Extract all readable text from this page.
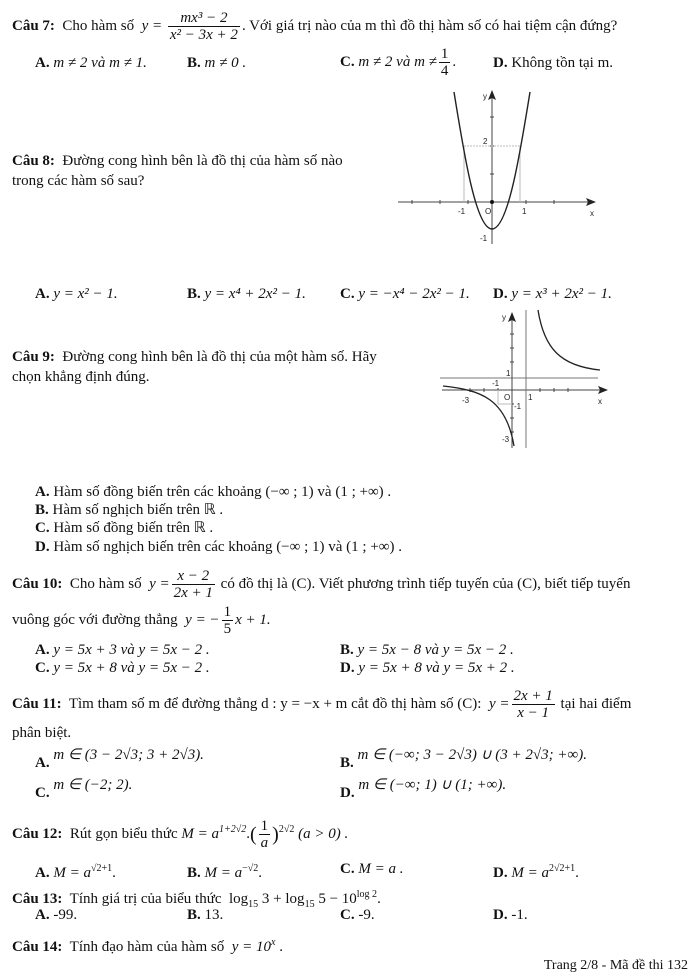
Câu 7: Cho hàm số $y = \frac{\text{mx³ − 2}}{\text{x² − 3x + 2}}$ . Với giá trị nào của m thì đồ thị hàm số có hai tiệm cận đứng?
A. m ≠ 2 và m ≠ 1.	B. m ≠ 0 .	C. m ≠ 2 và $m \ne \frac{1}{4}$ . D. Không tồn tại m.
Câu 8: Đường cong hình bên là đồ thị của hàm số nào
trong các hàm số sau?
y
x
2
-1	1
-1
O
A. y = x² − 1.	B. y = x⁴ + 2x² − 1. C. y = −x⁴ − 2x² − 1. D. y = x³ + 2x² − 1.
Câu 9: Đường cong hình bên là đồ thị của một hàm số. Hãy
chọn khẳng định đúng.
y
x
1
-1
-3	1
-1
-3
O
A. Hàm số đồng biến trên các khoảng (−∞ ; 1) và (1 ; +∞) .
B. Hàm số nghịch biến trên ℝ .
C. Hàm số đồng biến trên ℝ .
D. Hàm số nghịch biến trên các khoảng (−∞ ; 1) và (1 ; +∞) .
Câu 10: Cho hàm số $y = \frac{x - 2}{2x + 1}$ có đồ thị là (C). Viết phương trình tiếp tuyến của (C), biết tiếp tuyến
vuông góc với đường thẳng y = − $\frac{1}{5}$ x + 1.
A. y = 5x + 3 và y = 5x − 2 .	B. y = 5x − 8 và y = 5x − 2 .
C. y = 5x + 8 và y = 5x − 2 .	D. y = 5x + 8 và y = 5x + 2 .
Câu 11: Tìm tham số m để đường thẳng d : y = −x + m cắt đồ thị hàm số (C): $y = \frac{2x + 1}{x - 1}$ tại hai điểm
phân biệt.
A. m ∈ (3 − 2√3; 3 + 2√3).	B. m ∈ (−∞; 3 − 2√3) ∪ (3 + 2√3; +∞).
C. m ∈ (−2; 2).	D. m ∈ (−∞; 1) ∪ (1; +∞).
Câu 12: Rút gọn biểu thức $M = a^{1+2√2}.( \frac{1}{a} )^{2√2}$ (a > 0) .
A. $M = a^{√2+1}$.	B. $M = a^{-√2}$.	C. M = a .	D. $M = a^{2√2+1}$.
Câu 13: Tính giá trị của biểu thức $\log_{15} 3 + \log_{15} 5 - 10^{log 2}$.
A. -99.	B. 13.	C. -9.	D. -1.
Câu 14: Tính đạo hàm của hàm số $y = 10^x$ .
Trang 2/8 - Mã đề thi 132
